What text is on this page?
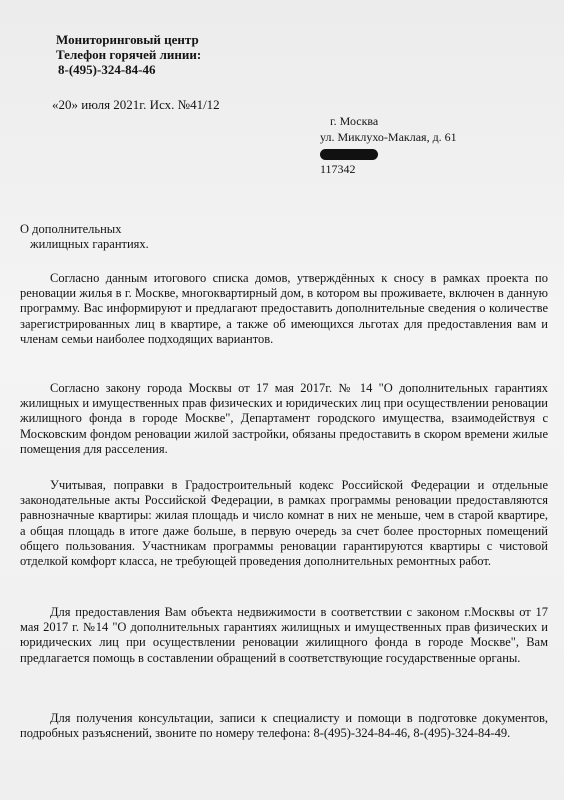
Мониторинговый центр
Телефон горячей линии:
8-(495)-324-84-46
«20» июля 2021г. Исх. №41/12
г. Москва
ул. Миклухо-Маклая, д. 61
117342
О дополнительных
жилищных гарантиях.
Согласно данным итогового списка домов, утверждённых к сносу в рамках проекта по реновации жилья в г. Москве, многоквартирный дом, в котором вы проживаете, включен в данную программу. Вас информируют и предлагают предоставить дополнительные сведения о количестве зарегистрированных лиц в квартире, а также об имеющихся льготах для предоставления вам и членам семьи наиболее подходящих вариантов.
Согласно закону города Москвы от 17 мая 2017г. № 14 "О дополнительных гарантиях жилищных и имущественных прав физических и юридических лиц при осуществлении реновации жилищного фонда в городе Москве", Департамент городского имущества, взаимодействуя с Московским фондом реновации жилой застройки, обязаны предоставить в скором времени жилые помещения для расселения.
Учитывая, поправки в Градостроительный кодекс Российской Федерации и отдельные законодательные акты Российской Федерации, в рамках программы реновации предоставляются равнозначные квартиры: жилая площадь и число комнат в них не меньше, чем в старой квартире, а общая площадь в итоге даже больше, в первую очередь за счет более просторных помещений общего пользования. Участникам программы реновации гарантируются квартиры с чистовой отделкой комфорт класса, не требующей проведения дополнительных ремонтных работ.
Для предоставления Вам объекта недвижимости в соответствии с законом г.Москвы от 17 мая 2017 г. №14 "О дополнительных гарантиях жилищных и имущественных прав физических и юридических лиц при осуществлении реновации жилищного фонда в городе Москве", Вам предлагается помощь в составлении обращений в соответствующие государственные органы.
Для получения консультации, записи к специалисту и помощи в подготовке документов, подробных разъяснений, звоните по номеру телефона: 8-(495)-324-84-46, 8-(495)-324-84-49.
